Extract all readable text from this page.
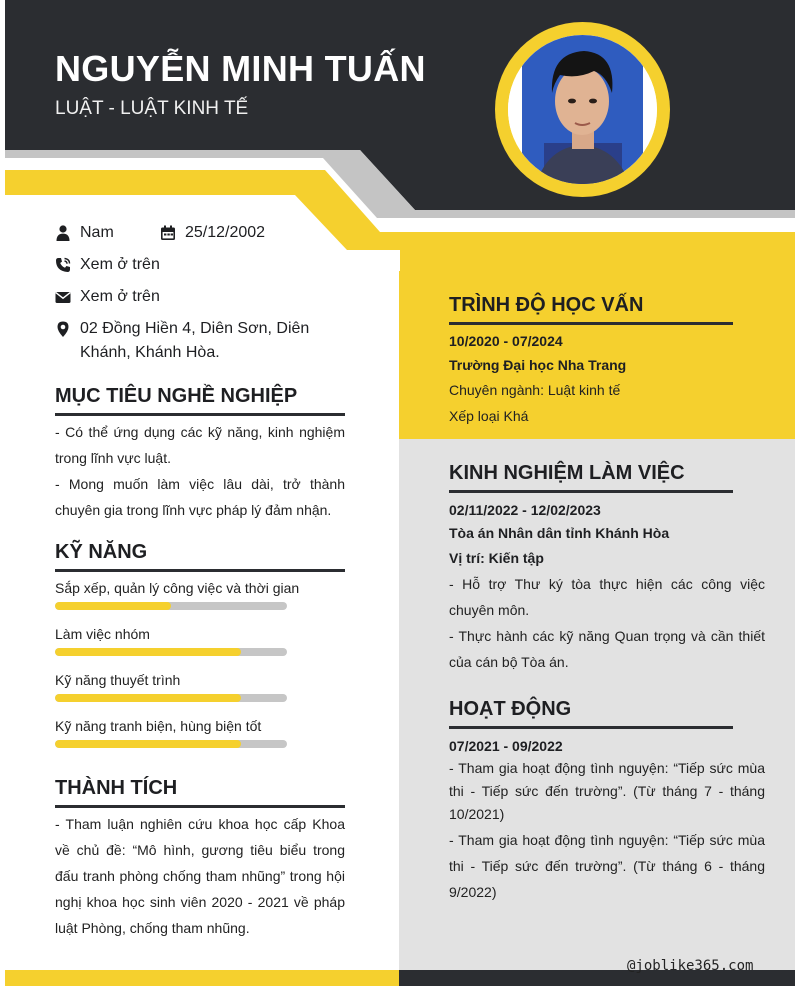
NGUYỄN MINH TUẤN
LUẬT - LUẬT KINH TẾ
Nam	25/12/2002
Xem ở trên
Xem ở trên
02 Đồng Hiền 4, Diên Sơn, Diên Khánh, Khánh Hòa.
MỤC TIÊU NGHỀ NGHIỆP
- Có thể ứng dụng các kỹ năng, kinh nghiệm trong lĩnh vực luật.
- Mong muốn làm việc lâu dài, trở thành chuyên gia trong lĩnh vực pháp lý đảm nhận.
KỸ NĂNG
Sắp xếp, quản lý công việc và thời gian
Làm việc nhóm
Kỹ năng thuyết trình
Kỹ năng tranh biện, hùng biện tốt
THÀNH TÍCH
- Tham luận nghiên cứu khoa học cấp Khoa về chủ đề: “Mô hình, gương tiêu biểu trong đấu tranh phòng chống tham nhũng” trong hội nghị khoa học sinh viên 2020 - 2021 về pháp luật Phòng, chống tham nhũng.
TRÌNH ĐỘ HỌC VẤN
10/2020 - 07/2024
Trường Đại học Nha Trang
Chuyên ngành: Luật kinh tế
Xếp loại Khá
KINH NGHIỆM LÀM VIỆC
02/11/2022 - 12/02/2023
Tòa án Nhân dân tỉnh Khánh Hòa
Vị trí: Kiến tập
- Hỗ trợ Thư ký tòa thực hiện các công việc chuyên môn.
- Thực hành các kỹ năng Quan trọng và cần thiết của cán bộ Tòa án.
HOẠT ĐỘNG
07/2021 - 09/2022
- Tham gia hoạt động tình nguyện: “Tiếp sức mùa thi - Tiếp sức đến trường”. (Từ tháng 7 - tháng 10/2021)
- Tham gia hoạt động tình nguyện: “Tiếp sức mùa thi - Tiếp sức đến trường”. (Từ tháng 6 - tháng 9/2022)
@joblike365.com
